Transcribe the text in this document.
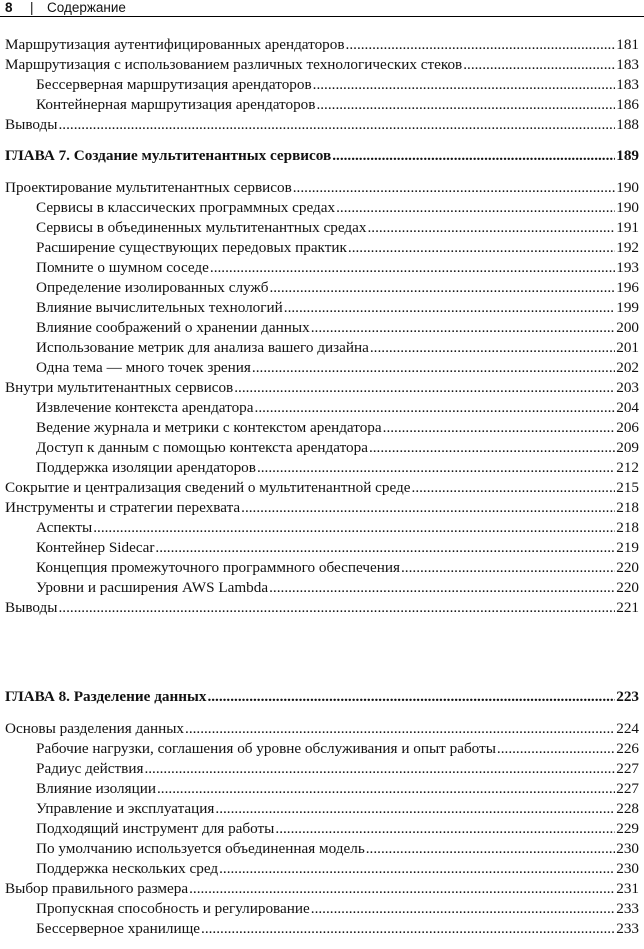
8 | Содержание
Маршрутизация аутентифицированных арендаторов .....	181
Маршрутизация с использованием различных технологических стеков .....	183
Бессерверная маршрутизация арендаторов .....	183
Контейнерная маршрутизация арендаторов .....	186
Выводы .....	188
ГЛАВА 7. Создание мультитенантных сервисов .....	189
Проектирование мультитенантных сервисов .....	190
Сервисы в классических программных средах .....	190
Сервисы в объединенных мультитенантных средах .....	191
Расширение существующих передовых практик .....	192
Помните о шумном соседе .....	193
Определение изолированных служб .....	196
Влияние вычислительных технологий .....	199
Влияние соображений о хранении данных .....	200
Использование метрик для анализа вашего дизайна .....	201
Одна тема — много точек зрения .....	202
Внутри мультитенантных сервисов .....	203
Извлечение контекста арендатора .....	204
Ведение журнала и метрики с контекстом арендатора .....	206
Доступ к данным с помощью контекста арендатора .....	209
Поддержка изоляции арендаторов .....	212
Сокрытие и централизация сведений о мультитенантной среде .....	215
Инструменты и стратегии перехвата .....	218
Аспекты .....	218
Контейнер Sidecar .....	219
Концепция промежуточного программного обеспечения .....	220
Уровни и расширения AWS Lambda .....	220
Выводы .....	221
ГЛАВА 8. Разделение данных .....	223
Основы разделения данных .....	224
Рабочие нагрузки, соглашения об уровне обслуживания и опыт работы .....	226
Радиус действия .....	227
Влияние изоляции .....	227
Управление и эксплуатация .....	228
Подходящий инструмент для работы .....	229
По умолчанию используется объединенная модель .....	230
Поддержка нескольких сред .....	230
Выбор правильного размера .....	231
Пропускная способность и регулирование .....	233
Бессерверное хранилище .....	233
